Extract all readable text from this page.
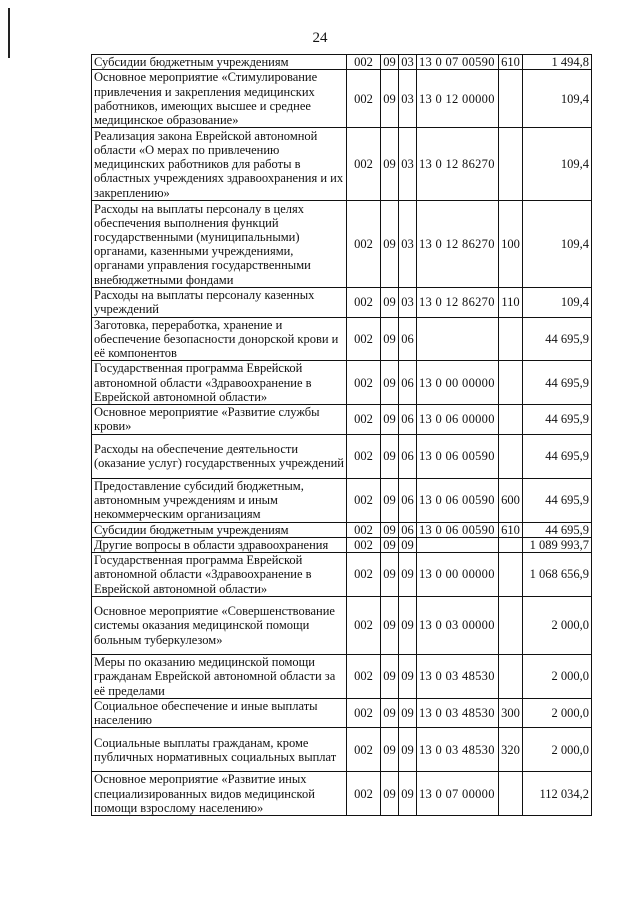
24
Субсидии бюджетным учреждениям	002	09	03	13 0 07 00590	610	1 494,8
Основное мероприятие «Стимулирование привлечения и закрепления медицинских работников, имеющих высшее и среднее медицинское образование»	002	09	03	13 0 12 00000		109,4
Реализация закона Еврейской автономной области «О мерах по привлечению медицинских работников для работы в областных учреждениях здравоохранения и их закреплению»	002	09	03	13 0 12 86270		109,4
Расходы на выплаты персоналу в целях обеспечения выполнения функций государственными (муниципальными) органами, казенными учреждениями, органами управления государственными внебюджетными фондами	002	09	03	13 0 12 86270	100	109,4
Расходы на выплаты персоналу казенных учреждений	002	09	03	13 0 12 86270	110	109,4
Заготовка, переработка, хранение и обеспечение безопасности донорской крови и её компонентов	002	09	06			44 695,9
Государственная программа Еврейской автономной области «Здравоохранение в Еврейской автономной области»	002	09	06	13 0 00 00000		44 695,9
Основное мероприятие «Развитие службы крови»	002	09	06	13 0 06 00000		44 695,9
Расходы на обеспечение деятельности (оказание услуг) государственных учреждений	002	09	06	13 0 06 00590		44 695,9
Предоставление субсидий бюджетным, автономным учреждениям и иным некоммерческим организациям	002	09	06	13 0 06 00590	600	44 695,9
Субсидии бюджетным учреждениям	002	09	06	13 0 06 00590	610	44 695,9
Другие вопросы в области здравоохранения	002	09	09			1 089 993,7
Государственная программа Еврейской автономной области «Здравоохранение в Еврейской автономной области»	002	09	09	13 0 00 00000		1 068 656,9
Основное мероприятие «Совершенствование системы оказания медицинской помощи больным туберкулезом»	002	09	09	13 0 03 00000		2 000,0
Меры по оказанию медицинской помощи гражданам Еврейской автономной области за её пределами	002	09	09	13 0 03 48530		2 000,0
Социальное обеспечение и иные выплаты населению	002	09	09	13 0 03 48530	300	2 000,0
Социальные выплаты гражданам, кроме публичных нормативных социальных выплат	002	09	09	13 0 03 48530	320	2 000,0
Основное мероприятие «Развитие иных специализированных видов медицинской помощи взрослому населению»	002	09	09	13 0 07 00000		112 034,2
